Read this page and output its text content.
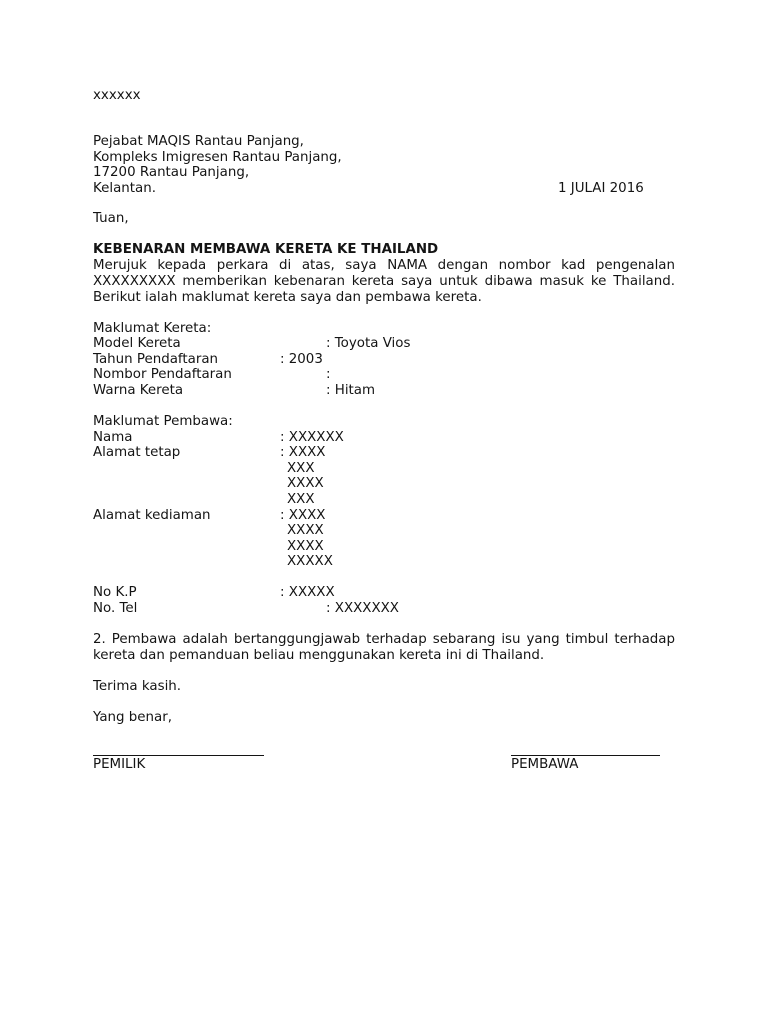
xxxxxx
Pejabat MAQIS Rantau Panjang,
Kompleks Imigresen Rantau Panjang,
17200 Rantau Panjang,
Kelantan.	1 JULAI 2016
Tuan,
KEBENARAN MEMBAWA KERETA KE THAILAND
Merujuk kepada perkara di atas, saya NAMA dengan nombor kad pengenalan XXXXXXXXX memberikan kebenaran kereta saya untuk dibawa masuk ke Thailand. Berikut ialah maklumat kereta saya dan pembawa kereta.
Maklumat Kereta:
Model Kereta	: Toyota Vios
Tahun Pendaftaran	: 2003
Nombor Pendaftaran	:
Warna Kereta	: Hitam
Maklumat Pembawa:
Nama	: XXXXXX
Alamat tetap	: XXXX
XXX
XXXX
XXX
Alamat kediaman	: XXXX
XXXX
XXXX
XXXXX
No K.P	: XXXXX
No. Tel	: XXXXXXX
2. Pembawa adalah bertanggungjawab terhadap sebarang isu yang timbul terhadap kereta dan pemanduan beliau menggunakan kereta ini di Thailand.
Terima kasih.
Yang benar,
PEMILIK	PEMBAWA
